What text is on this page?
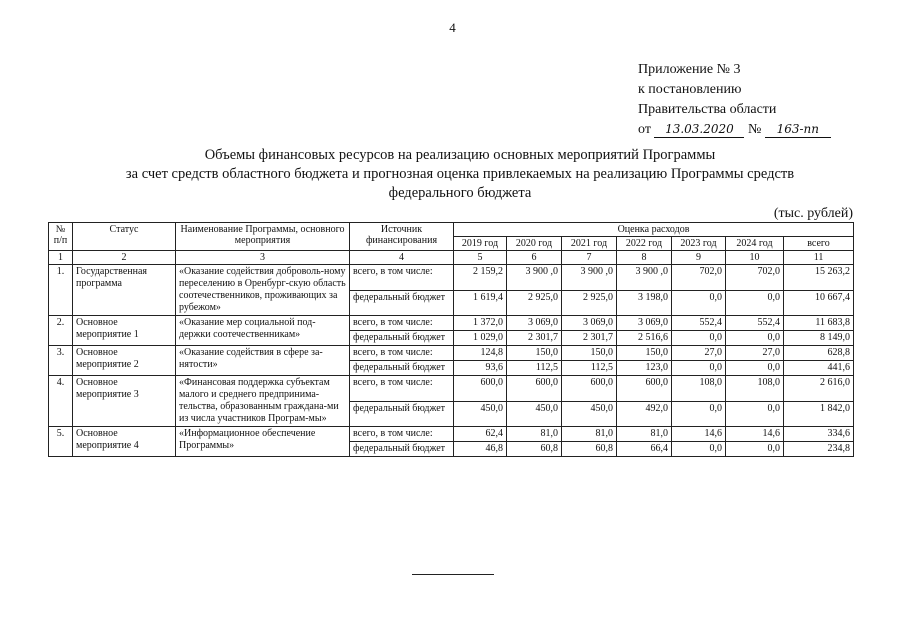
4
Приложение № 3
к постановлению
Правительства области
от 13.03.2020 № 163-пп
Объемы финансовых ресурсов на реализацию основных мероприятий Программы
за счет средств областного бюджета и прогнозная оценка привлекаемых на реализацию Программы средств
федерального бюджета
(тыс. рублей)
№ п/п	Статус	Наименование Программы, основного мероприятия	Источник финансирования	Оценка расходов						
				2019 год	2020 год	2021 год	2022 год	2023 год	2024 год	всего
1	2	3	4	5	6	7	8	9	10	11
1.	Государственная программа	«Оказание содействия доброволь-ному переселению в Оренбург-скую область соотечественников, проживающих за рубежом»	всего, в том числе:	2 159,2	3 900 ,0	3 900 ,0	3 900 ,0	702,0	702,0	15 263,2
			федеральный бюджет	1 619,4	2 925,0	2 925,0	3 198,0	0,0	0,0	10 667,4
2.	Основное мероприятие 1	«Оказание мер социальной под-держки соотечественникам»	всего, в том числе:	1 372,0	3 069,0	3 069,0	3 069,0	552,4	552,4	11 683,8
			федеральный бюджет	1 029,0	2 301,7	2 301,7	2 516,6	0,0	0,0	8 149,0
3.	Основное мероприятие 2	«Оказание содействия в сфере за-нятости»	всего, в том числе:	124,8	150,0	150,0	150,0	27,0	27,0	628,8
			федеральный бюджет	93,6	112,5	112,5	123,0	0,0	0,0	441,6
4.	Основное мероприятие 3	«Финансовая поддержка субъектам малого и среднего предпринима-тельства, образованным граждана-ми из числа участников Програм-мы»	всего, в том числе:	600,0	600,0	600,0	600,0	108,0	108,0	2 616,0
			федеральный бюджет	450,0	450,0	450,0	492,0	0,0	0,0	1 842,0
5.	Основное мероприятие 4	«Информационное обеспечение Программы»	всего, в том числе:	62,4	81,0	81,0	81,0	14,6	14,6	334,6
			федеральный бюджет	46,8	60,8	60,8	66,4	0,0	0,0	234,8
